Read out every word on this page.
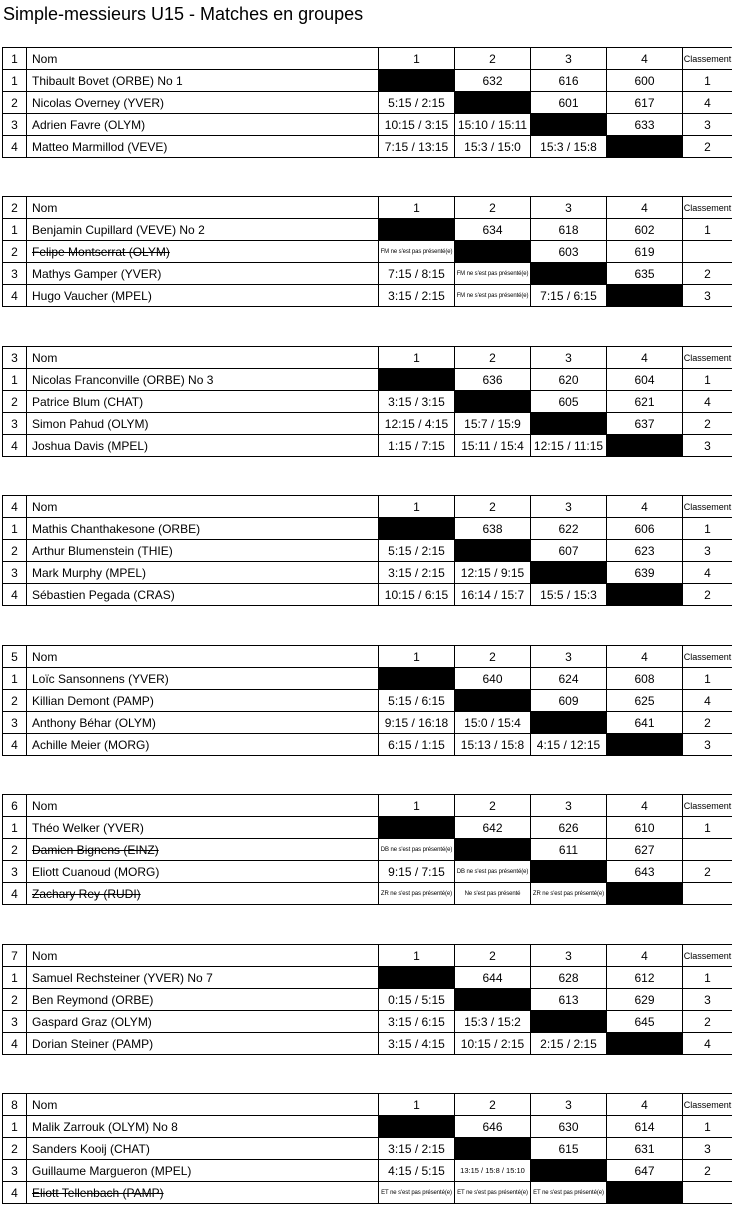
Simple-messieurs U15 - Matches en groupes
1	Nom	1	2	3	4	Classement
1	Thibault Bovet (ORBE) No 1		632	616	600	1
2	Nicolas Overney (YVER)	5:15 / 2:15		601	617	4
3	Adrien Favre (OLYM)	10:15 / 3:15	15:10 / 15:11		633	3
4	Matteo Marmillod (VEVE)	7:15 / 13:15	15:3 / 15:0	15:3 / 15:8		2
2	Nom	1	2	3	4	Classement
1	Benjamin Cupillard (VEVE) No 2		634	618	602	1
2	Felipe Montserrat (OLYM)	FM ne s'est pas présenté(e)		603	619	
3	Mathys Gamper (YVER)	7:15 / 8:15	FM ne s'est pas présenté(e)		635	2
4	Hugo Vaucher (MPEL)	3:15 / 2:15	FM ne s'est pas présenté(e)	7:15 / 6:15		3
3	Nom	1	2	3	4	Classement
1	Nicolas Franconville (ORBE) No 3		636	620	604	1
2	Patrice Blum (CHAT)	3:15 / 3:15		605	621	4
3	Simon Pahud (OLYM)	12:15 / 4:15	15:7 / 15:9		637	2
4	Joshua Davis (MPEL)	1:15 / 7:15	15:11 / 15:4	12:15 / 11:15		3
4	Nom	1	2	3	4	Classement
1	Mathis Chanthakesone (ORBE)		638	622	606	1
2	Arthur Blumenstein (THIE)	5:15 / 2:15		607	623	3
3	Mark Murphy (MPEL)	3:15 / 2:15	12:15 / 9:15		639	4
4	Sébastien Pegada (CRAS)	10:15 / 6:15	16:14 / 15:7	15:5 / 15:3		2
5	Nom	1	2	3	4	Classement
1	Loïc Sansonnens (YVER)		640	624	608	1
2	Killian Demont (PAMP)	5:15 / 6:15		609	625	4
3	Anthony Béhar (OLYM)	9:15 / 16:18	15:0 / 15:4		641	2
4	Achille Meier (MORG)	6:15 / 1:15	15:13 / 15:8	4:15 / 12:15		3
6	Nom	1	2	3	4	Classement
1	Théo Welker (YVER)		642	626	610	1
2	Damien Bignens (EINZ)	DB ne s'est pas présenté(e)		611	627	
3	Eliott Cuanoud (MORG)	9:15 / 7:15	DB ne s'est pas présenté(e)		643	2
4	Zachary Rey (RUDI)	ZR ne s'est pas présenté(e)	Ne s'est pas présenté	ZR ne s'est pas présenté(e)		
7	Nom	1	2	3	4	Classement
1	Samuel Rechsteiner (YVER) No 7		644	628	612	1
2	Ben Reymond (ORBE)	0:15 / 5:15		613	629	3
3	Gaspard Graz (OLYM)	3:15 / 6:15	15:3 / 15:2		645	2
4	Dorian Steiner (PAMP)	3:15 / 4:15	10:15 / 2:15	2:15 / 2:15		4
8	Nom	1	2	3	4	Classement
1	Malik Zarrouk (OLYM) No 8		646	630	614	1
2	Sanders Kooij (CHAT)	3:15 / 2:15		615	631	3
3	Guillaume Margueron (MPEL)	4:15 / 5:15	13:15 / 15:8 / 15:10		647	2
4	Eliott Tellenbach (PAMP)	ET ne s'est pas présenté(e)	ET ne s'est pas présenté(e)	ET ne s'est pas présenté(e)		
